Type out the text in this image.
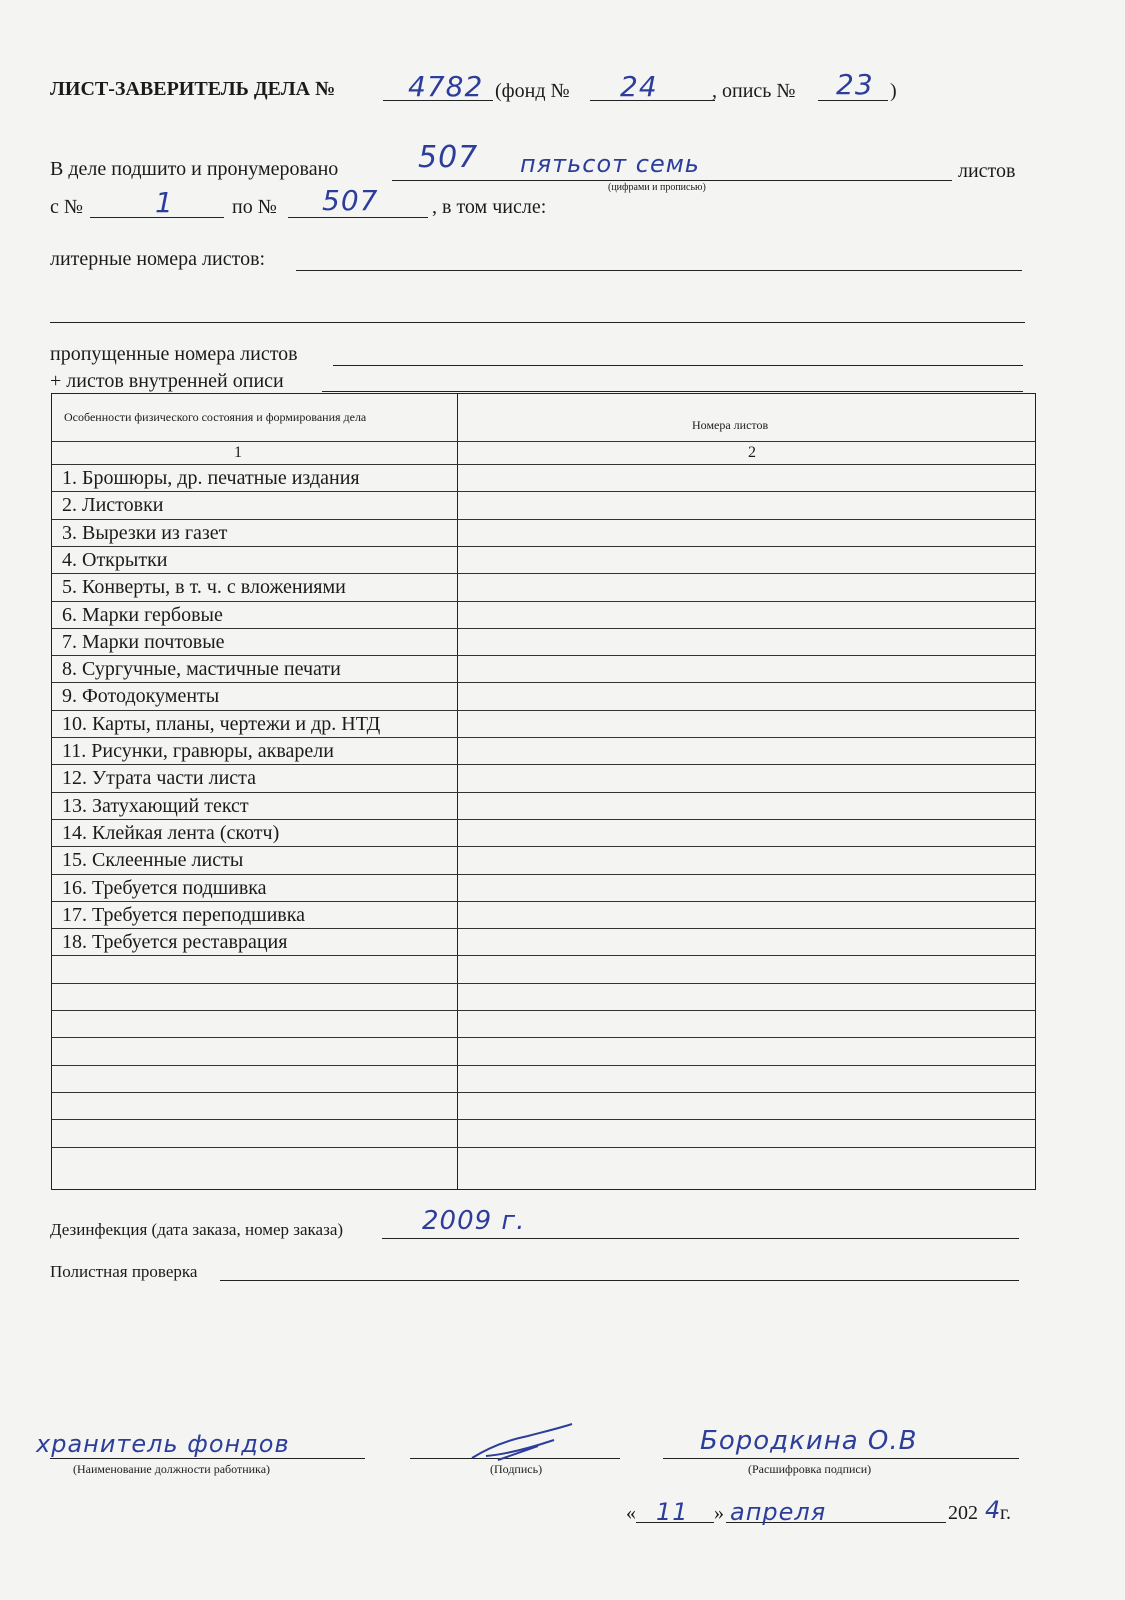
ЛИСТ-ЗАВЕРИТЕЛЬ ДЕЛА №	4782 (фонд № 24	, опись № 23 )
В деле подшито и пронумеровано	507 пятьсот семь	листов
(цифрами и прописью)
с №	1	по № 507	, в том числе:
литерные номера листов:
пропущенные номера листов
+ листов внутренней описи
Особенности физического состояния и формирования дела
Номера листов
1	2
1. Брошюры, др. печатные издания
2. Листовки
3. Вырезки из газет
4. Открытки
5. Конверты, в т. ч. с вложениями
6. Марки гербовые
7. Марки почтовые
8. Сургучные, мастичные печати
9. Фотодокументы
10. Карты, планы, чертежи и др. НТД
11. Рисунки, гравюры, акварели
12. Утрата части листа
13. Затухающий текст
14. Клейкая лента (скотч)
15. Склеенные листы
16. Требуется подшивка
17. Требуется переподшивка
18. Требуется реставрация
Дезинфекция (дата заказа, номер заказа)	2009 г.
Полистная проверка
хранитель фондов
(Наименование должности работника)	(Подпись)
Бородкина О.В
(Расшифровка подписи)
« 11 » апреля	202 4
г.
